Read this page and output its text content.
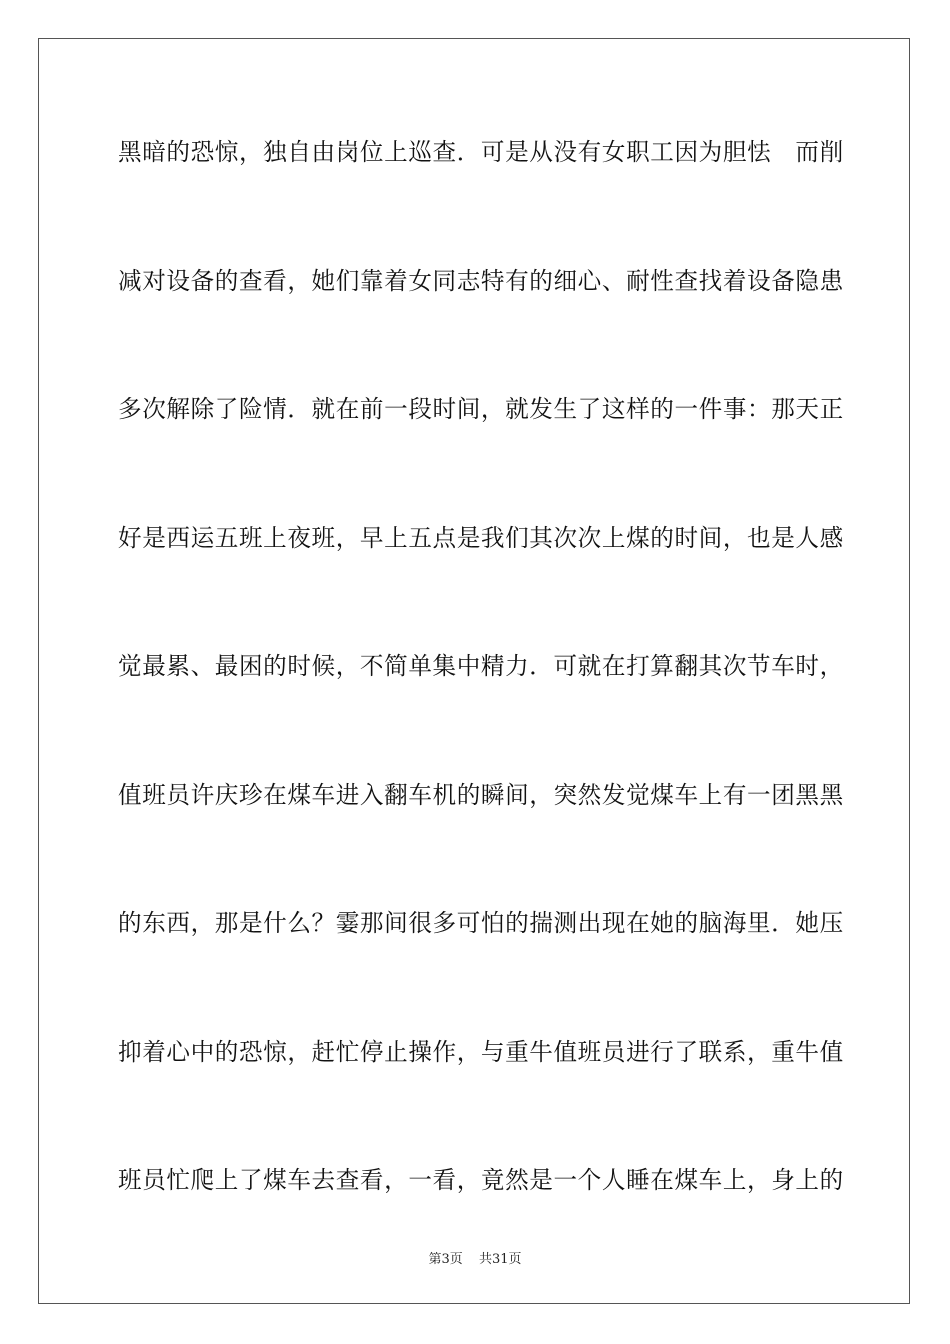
黑暗的恐惊，独自由岗位上巡查．可是从没有女职工因为胆怯　而削
减对设备的查看，她们靠着女同志特有的细心、耐性查找着设备隐患
多次解除了险情．就在前一段时间，就发生了这样的一件事：那天正
好是西运五班上夜班，早上五点是我们其次次上煤的时间，也是人感
觉最累、最困的时候，不简单集中精力．可就在打算翻其次节车时，
值班员许庆珍在煤车进入翻车机的瞬间，突然发觉煤车上有一团黑黑
的东西，那是什么？霎那间很多可怕的揣测出现在她的脑海里．她压
抑着心中的恐惊，赶忙停止操作，与重牛值班员进行了联系，重牛值
班员忙爬上了煤车去查看，一看，竟然是一个人睡在煤车上，身上的
第3页 共31页
